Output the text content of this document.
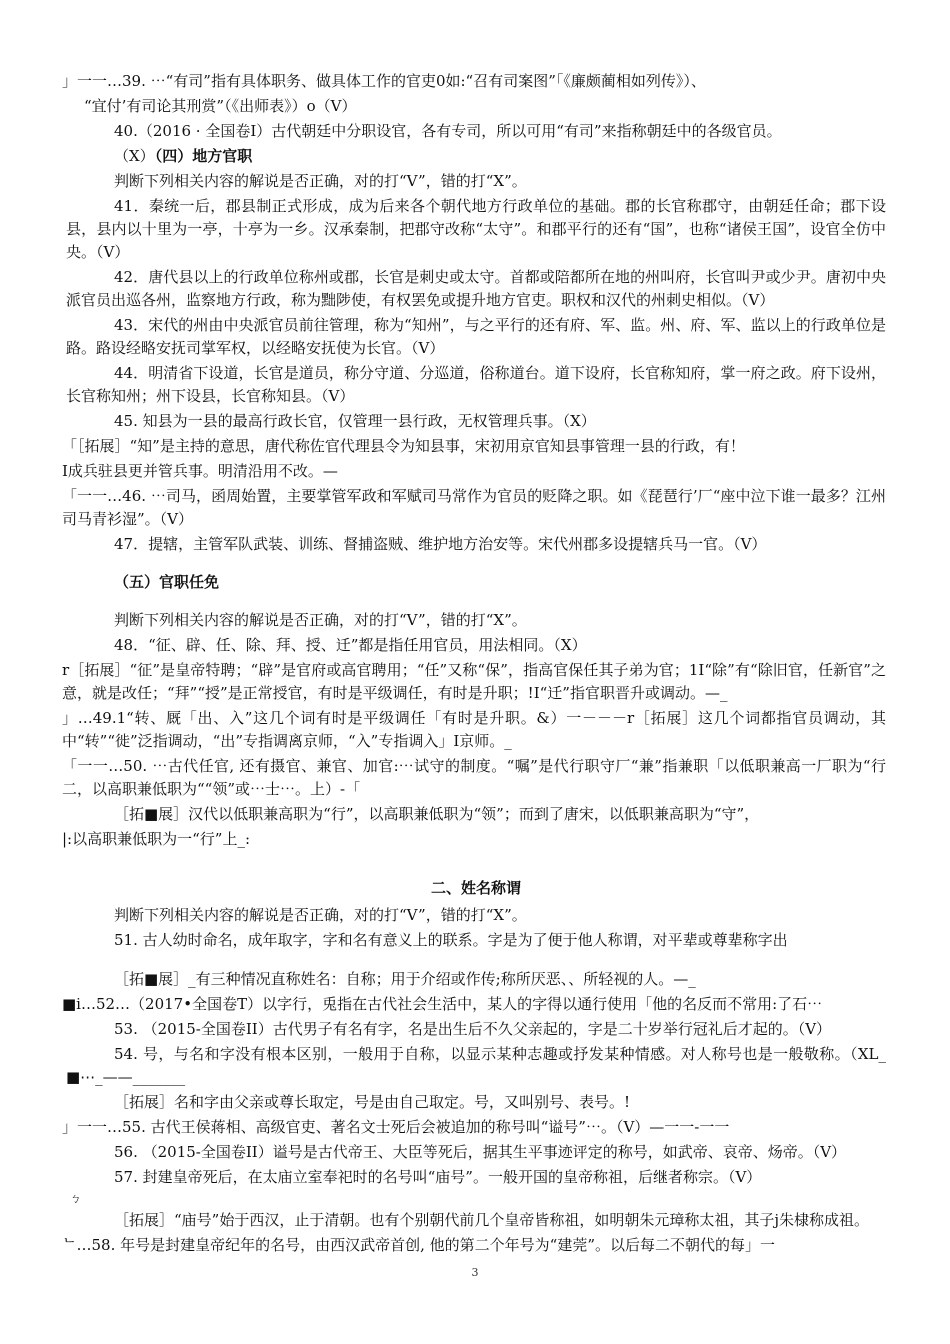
」一一…39. ⋯“有司”指有具体职务、做具体工作的官吏0如:“召有司案图”「《廉颇蔺相如列传》）、

“宜付’有司论其刑赏”（《出师表》）o（V）

40.（2016 · 全国卷Ⅰ）古代朝廷中分职设官，各有专司，所以可用“有司”来指称朝廷中的各级官员。

（X）（四）地方官职

判断下列相关内容的解说是否正确，对的打“V”，错的打“X”。

41．秦统一后，郡县制正式形成，成为后来各个朝代地方行政单位的基础。郡的长官称郡守，由朝廷任命；郡下设县，县内以十里为一亭，十亭为一乡。汉承秦制，把郡守改称“太守”。和郡平行的还有“国”，也称“诸侯王国”，设官全仿中央。（V）

42．唐代县以上的行政单位称州或郡，长官是刺史或太守。首都或陪都所在地的州叫府，长官叫尹或少尹。唐初中央派官员出巡各州，监察地方行政，称为黜陟使，有权罢免或提升地方官吏。职权和汉代的州刺史相似。（V）

43．宋代的州由中央派官员前往管理，称为“知州”，与之平行的还有府、军、监。州、府、军、监以上的行政单位是路。路设经略安抚司掌军权，以经略安抚使为长官。（V）

44．明清省下设道，长官是道员，称分守道、分巡道，俗称道台。道下设府，长官称知府，掌一府之政。府下设州，长官称知州；州下设县，长官称知县。（V）

45. 知县为一县的最高行政长官，仅管理一县行政，无权管理兵事。（X）

「［拓展］“知”是主持的意思，唐代称佐官代理县令为知县事，宋初用京官知县事管理一县的行政，有！

I成兵驻县更并管兵事。明清沿用不改。—

「一一…46. ⋯司马，函周始置，主要掌管军政和军赋司马常作为官员的贬降之职。如《琵琶行’厂“座中泣下谁一最多？江州司马青衫湿”。（V）

47．提辖，主管军队武装、训练、督捕盗贼、维护地方治安等。宋代州郡多设提辖兵马一官。（V）

（五）官职任免

判断下列相关内容的解说是否正确，对的打“V”，错的打“X”。

48．“征、辟、任、除、拜、授、迁”都是指任用官员，用法相同。（X）

r［拓展］“征”是皇帝特聘；“辟”是官府或高官聘用；“任”又称“保”，指高官保任其子弟为官；1I“除”有“除旧官，任新官”之意，就是改任；“拜”“授”是正常授官，有时是平级调任，有时是升职；!I“迁”指官职晋升或调动。—_

」…49.1“转、厩「出、入”这几个词有时是平级调任「有时是升职。&）一－－－r［拓展］这几个词都指官员调动，其中“转”“徙”泛指调动，“出”专指调离京师，“入”专指调入」I京师。_

「一一…50. ⋯古代任官, 还有摄官、兼官、加官:⋯试守的制度。“嘱”是代行职守厂“兼”指兼职「以低职兼高一厂职为“行二，以高职兼低职为““领”或⋯士⋯。上）-「

［拓■展］汉代以低职兼高职为“行”，以高职兼低职为“领”；而到了唐宋，以低职兼高职为“守”，

|:以高职兼低职为一“行”上_:

二、姓名称谓

判断下列相关内容的解说是否正确，对的打“V”，错的打“X”。

51. 古人幼时命名，成年取字，字和名有意义上的联系。字是为了便于他人称谓，对平辈或尊辈称字出

［拓■展］_有三种情况直称姓名：自称；用于介绍或作传;称所厌恶、、所轻视的人。—_

■i…52…（2017•全国卷T）以字行，兎指在古代社会生活中，某人的字得以通行使用「他的名反而不常用:了石⋯

53. （2015-全国卷II）古代男子有名有字，名是出生后不久父亲起的，字是二十岁举行冠礼后才起的。（V）

54. 号，与名和字没有根本区别，一般用于自称，以显示某种志趣或抒发某种情感。对人称号也是一般敬称。（XL_■⋯_——_______

［拓展］名和字由父亲或尊长取定，号是由自己取定。号，又叫别号、表号。!

」一一…55. 古代王侯蒋相、高级官吏、著名文士死后会被追加的称号叫“谥号”⋯。（V）—一一-一一

56. （2015-全国卷II）谥号是古代帝王、大臣等死后，据其生平事迹评定的称号，如武帝、哀帝、炀帝。（V）

57. 封建皇帝死后，在太庙立室奉祀时的名号叫“庙号”。一般开国的皇帝称祖，后继者称宗。（V）

ㄅ

［拓展］“庙号”始于西汉，止于清朝。也有个别朝代前几个皇帝皆称祖，如明朝朱元璋称太祖，其子j朱棣称成祖。

ᄂ…58. 年号是封建皇帝纪年的名号，由西汉武帝首创, 他的第二个年号为“建莞”。以后每二不朝代的每」一

3
